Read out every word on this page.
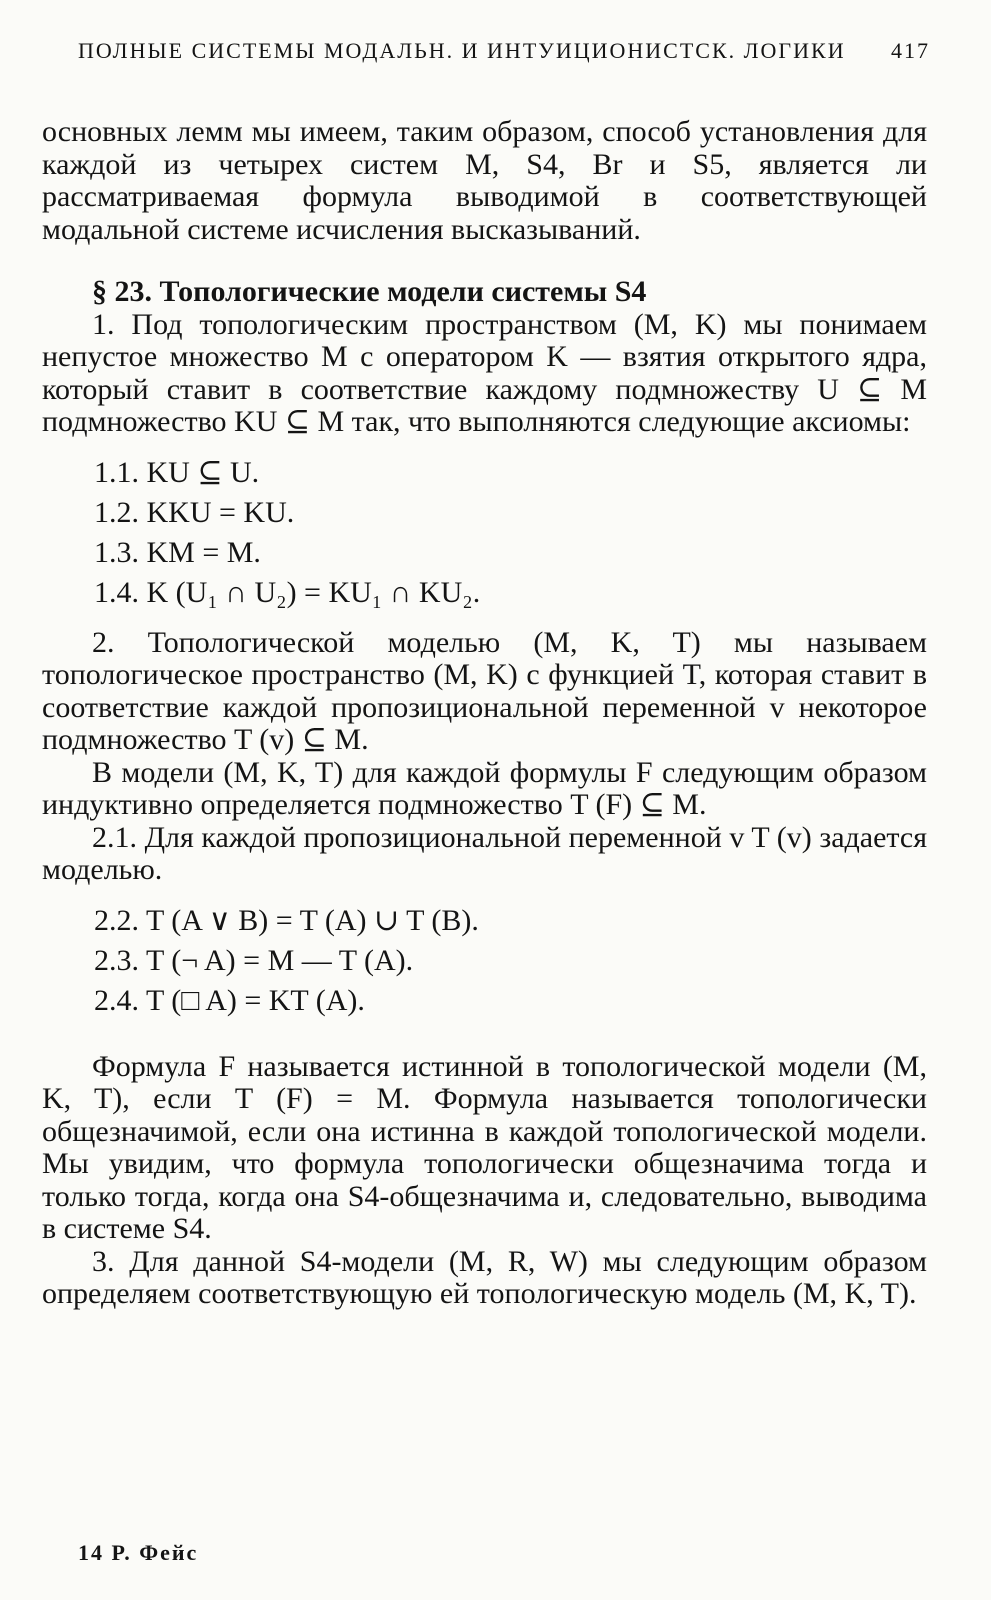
ПОЛНЫЕ СИСТЕМЫ МОДАЛЬН. И ИНТУИЦИОНИСТСК. ЛОГИКИ 417

основных лемм мы имеем, таким образом, способ установления для каждой из четырех систем M, S4, Br и S5, является ли рассматриваемая формула выводимой в соответствующей модальной системе исчисления высказываний.

§ 23. Топологические модели системы S4

1. Под топологическим пространством (M, K) мы понимаем непустое множество M с оператором K — взятия открытого ядра, который ставит в соответствие каждому подмножеству U ⊆ M подмножество KU ⊆ M так, что выполняются следующие аксиомы:

1.1. KU ⊆ U.
1.2. KKU = KU.
1.3. KM = M.
1.4. K (U₁ ∩ U₂) = KU₁ ∩ KU₂.

2. Топологической моделью (M, K, T) мы называем топологическое пространство (M, K) с функцией T, которая ставит в соответствие каждой пропозициональной переменной v некоторое подмножество T (v) ⊆ M.

В модели (M, K, T) для каждой формулы F следующим образом индуктивно определяется подмножество T (F) ⊆ M.

2.1. Для каждой пропозициональной переменной v T (v) задается моделью.

2.2. T (A ∨ B) = T (A) ∪ T (B).
2.3. T (¬ A) = M — T (A).
2.4. T (□ A) = KT (A).

Формула F называется истинной в топологической модели (M, K, T), если T (F) = M. Формула называется топологически общезначимой, если она истинна в каждой топологической модели. Мы увидим, что формула топологически общезначима тогда и только тогда, когда она S4-общезначима и, следовательно, выводима в системе S4.

3. Для данной S4-модели (M, R, W) мы следующим образом определяем соответствующую ей топологическую модель (M, K, T).

14 Р. Фейс
